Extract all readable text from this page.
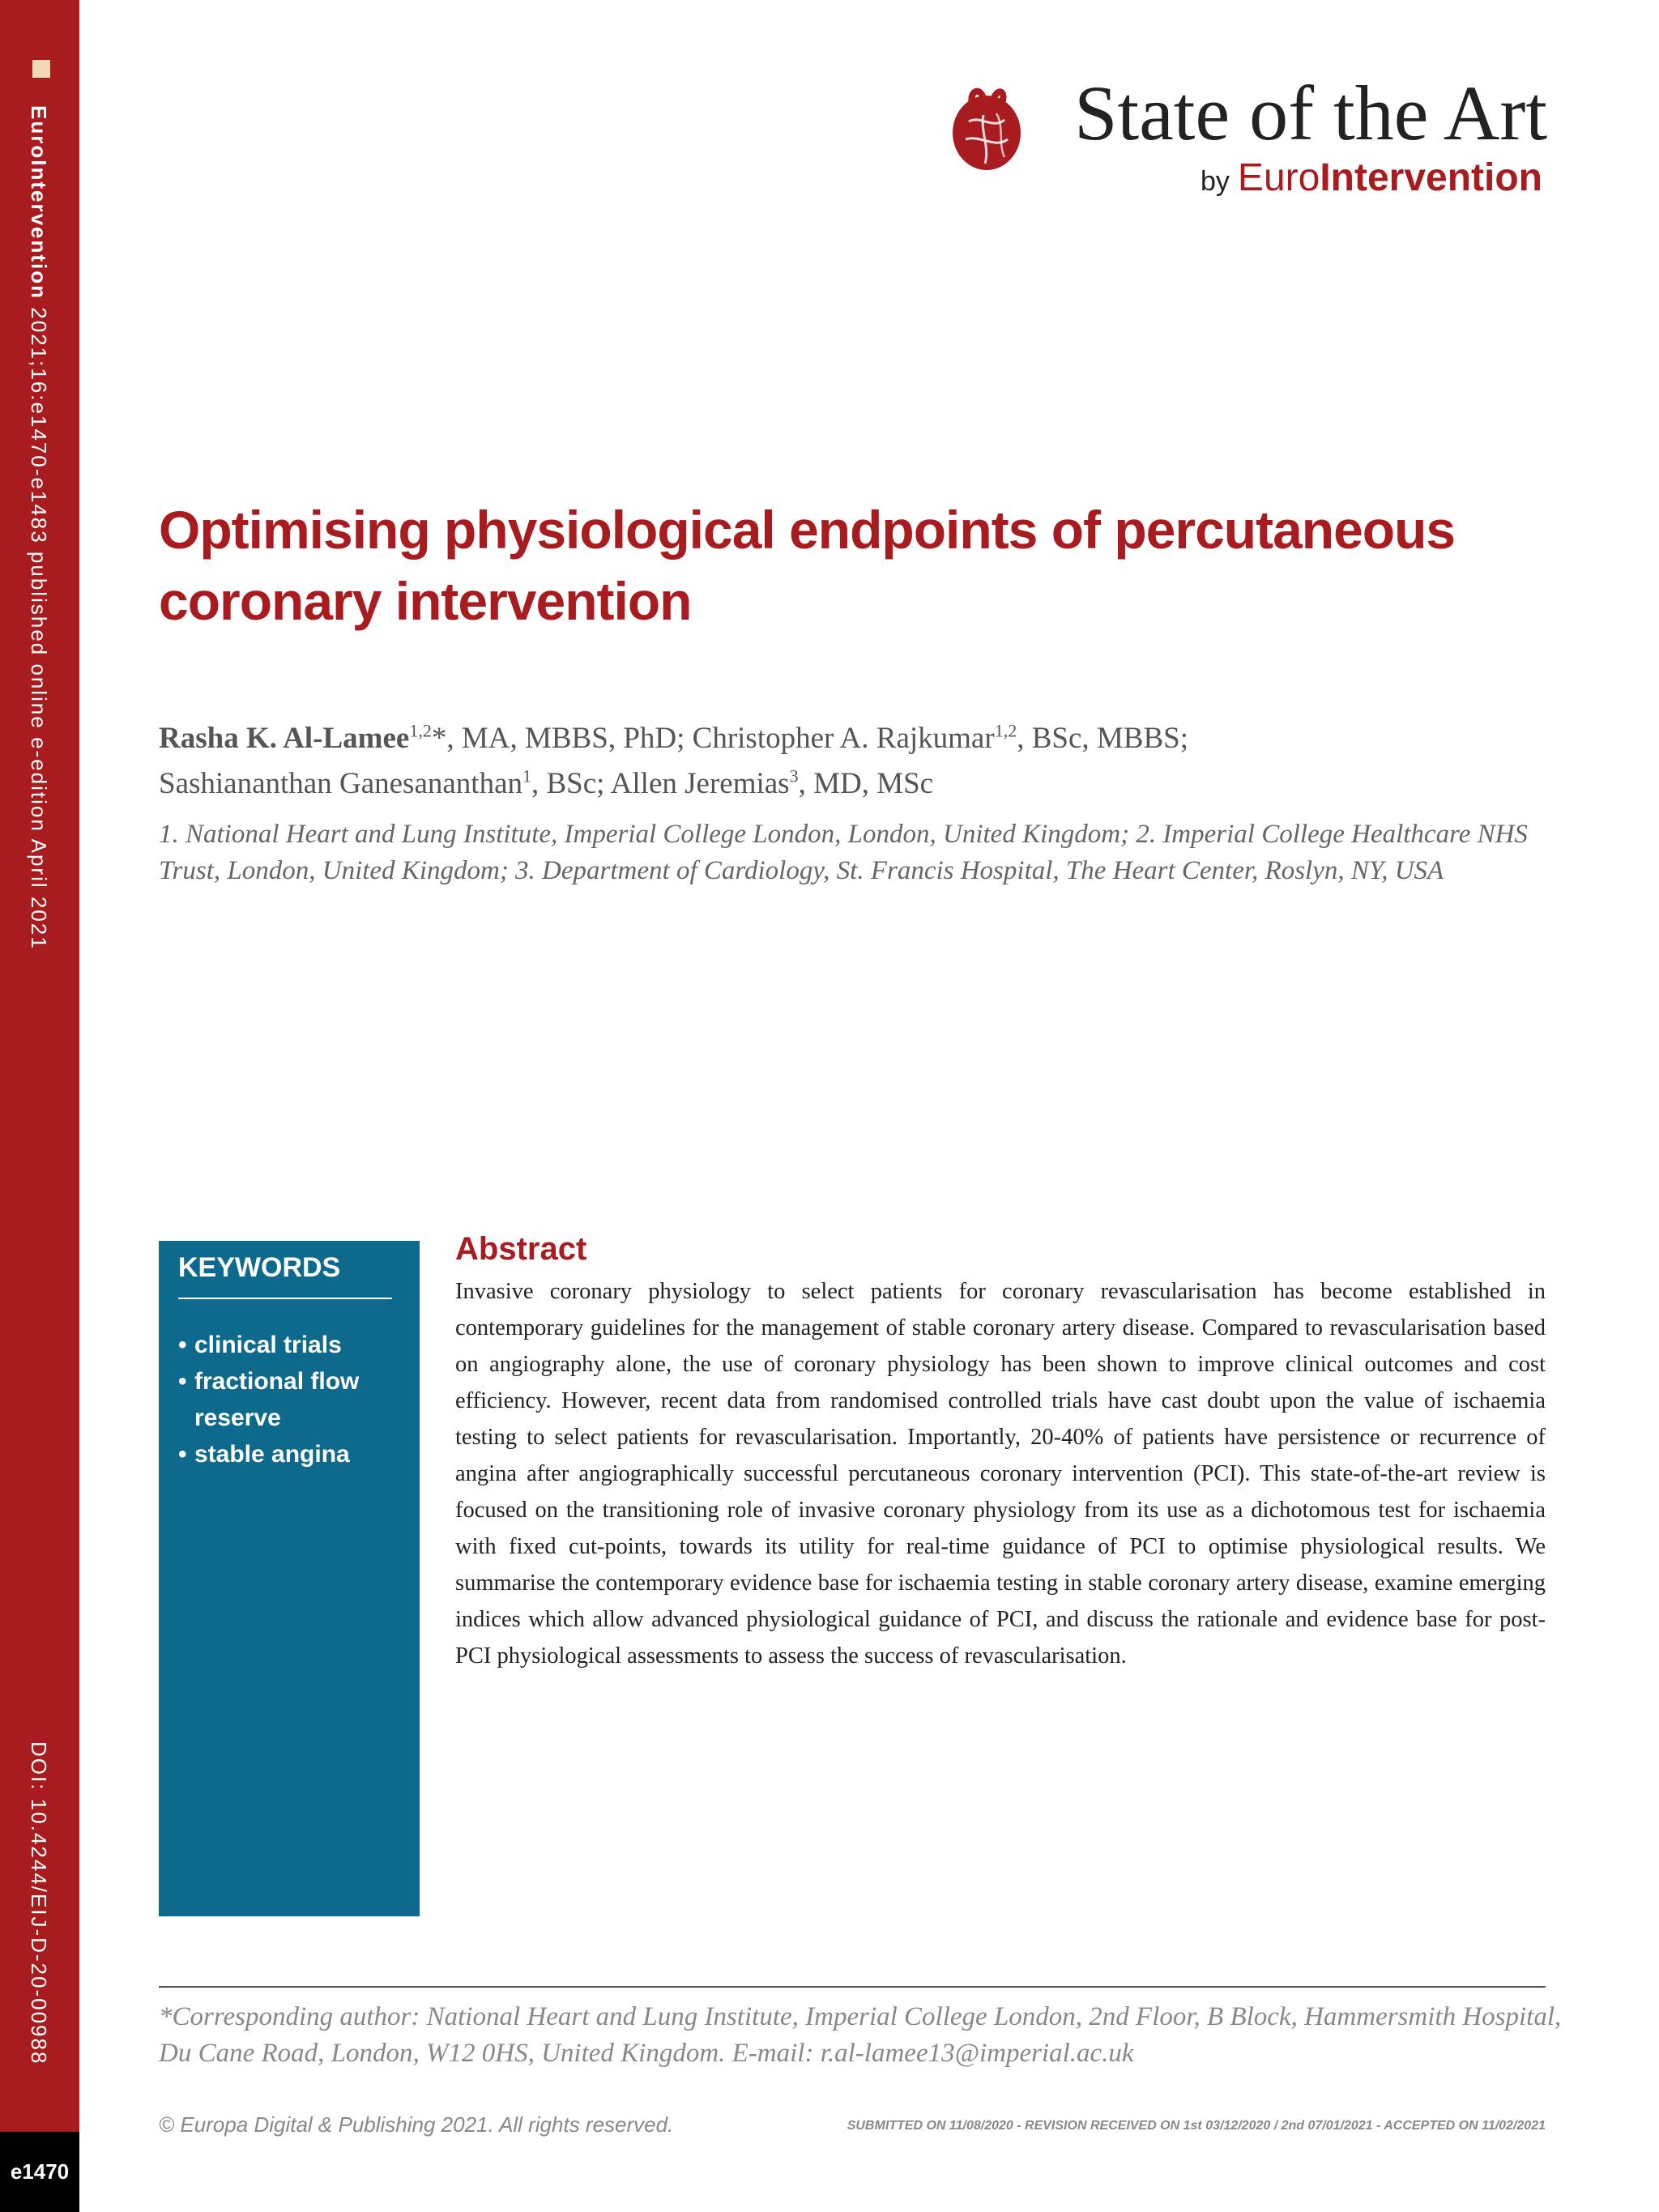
EuroIntervention 2021;16:e1470-e1483 published online e-edition April 2021
DOI: 10.4244/EIJ-D-20-00988
e1470
State of the Art
by EuroIntervention
Optimising physiological endpoints of percutaneous coronary intervention
Rasha K. Al-Lamee$^{1,2}$*, MA, MBBS, PhD; Christopher A. Rajkumar$^{1,2}$, BSc, MBBS;
Sashiananthan Ganesananthan$^1$, BSc; Allen Jeremias$^3$, MD, MSc
1. National Heart and Lung Institute, Imperial College London, London, United Kingdom; 2. Imperial College Healthcare NHS Trust, London, United Kingdom; 3. Department of Cardiology, St. Francis Hospital, The Heart Center, Roslyn, NY, USA
KEYWORDS
• clinical trials
• fractional flow reserve
• stable angina
Abstract

Invasive coronary physiology to select patients for coronary revascularisation has become established in contemporary guidelines for the management of stable coronary artery disease. Compared to revascularisation based on angiography alone, the use of coronary physiology has been shown to improve clinical outcomes and cost efficiency. However, recent data from randomised controlled trials have cast doubt upon the value of ischaemia testing to select patients for revascularisation. Importantly, 20-40% of patients have persistence or recurrence of angina after angiographically successful percutaneous coronary intervention (PCI). This state-of-the-art review is focused on the transitioning role of invasive coronary physiology from its use as a dichotomous test for ischaemia with fixed cut-points, towards its utility for real-time guidance of PCI to optimise physiological results. We summarise the contemporary evidence base for ischaemia testing in stable coronary artery disease, examine emerging indices which allow advanced physiological guidance of PCI, and discuss the rationale and evidence base for post-PCI physiological assessments to assess the success of revascularisation.

*Corresponding author: National Heart and Lung Institute, Imperial College London, 2nd Floor, B Block, Hammersmith Hospital, Du Cane Road, London, W12 0HS, United Kingdom. E-mail: r.al-lamee13@imperial.ac.uk
© Europa Digital & Publishing 2021. All rights reserved.	SUBMITTED ON 11/08/2020 - REVISION RECEIVED ON 1st 03/12/2020 / 2nd 07/01/2021 - ACCEPTED ON 11/02/2021
